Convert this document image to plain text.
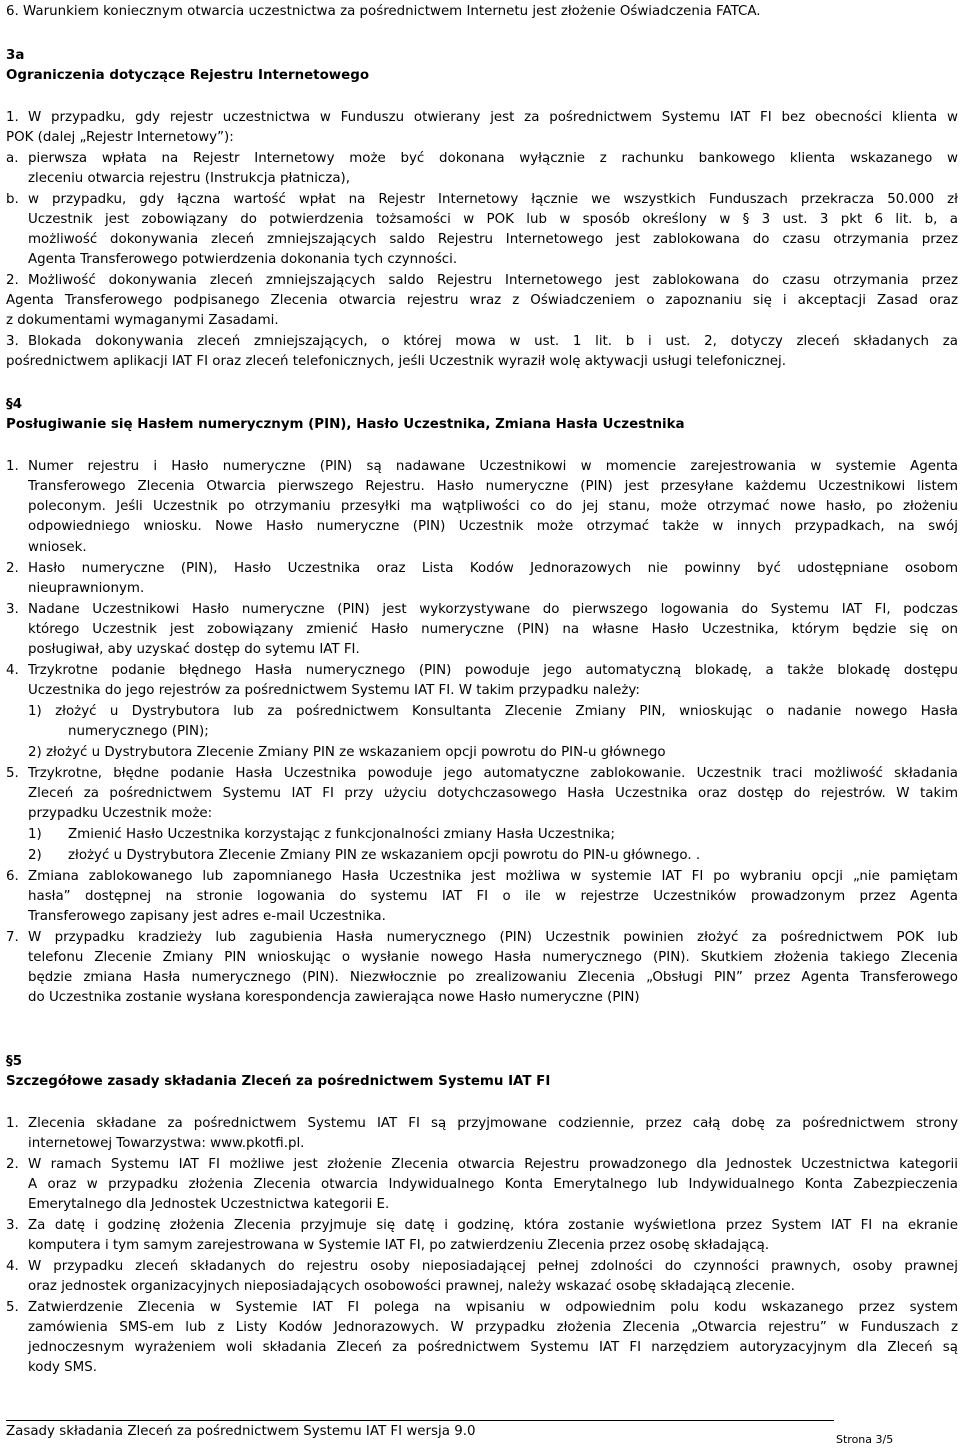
6. Warunkiem koniecznym otwarcia uczestnictwa za pośrednictwem Internetu jest złożenie Oświadczenia FATCA.

3a

Ograniczenia dotyczące Rejestru Internetowego

1. W przypadku, gdy rejestr uczestnictwa w Funduszu otwierany jest za pośrednictwem Systemu IAT FI bez obecności klienta w

POK (dalej „Rejestr Internetowy”):

a. pierwsza wpłata na Rejestr Internetowy może być dokonana wyłącznie z rachunku bankowego klienta wskazanego w

zleceniu otwarcia rejestru (Instrukcja płatnicza),

b. w przypadku, gdy łączna wartość wpłat na Rejestr Internetowy łącznie we wszystkich Funduszach przekracza 50.000 zł

Uczestnik jest zobowiązany do potwierdzenia tożsamości w POK lub w sposób określony w § 3 ust. 3 pkt 6 lit. b, a

możliwość dokonywania zleceń zmniejszających saldo Rejestru Internetowego jest zablokowana do czasu otrzymania przez

Agenta Transferowego potwierdzenia dokonania tych czynności.

2. Możliwość dokonywania zleceń zmniejszających saldo Rejestru Internetowego jest zablokowana do czasu otrzymania przez

Agenta Transferowego podpisanego Zlecenia otwarcia rejestru wraz z Oświadczeniem o zapoznaniu się i akceptacji Zasad oraz

z dokumentami wymaganymi Zasadami.

3. Blokada dokonywania zleceń zmniejszających, o której mowa w ust. 1 lit. b i ust. 2, dotyczy zleceń składanych za

pośrednictwem aplikacji IAT FI oraz zleceń telefonicznych, jeśli Uczestnik wyraził wolę aktywacji usługi telefonicznej.

§4

Posługiwanie się Hasłem numerycznym (PIN), Hasło Uczestnika, Zmiana Hasła Uczestnika

1. Numer rejestru i Hasło numeryczne (PIN) są nadawane Uczestnikowi w momencie zarejestrowania w systemie Agenta

Transferowego Zlecenia Otwarcia pierwszego Rejestru. Hasło numeryczne (PIN) jest przesyłane każdemu Uczestnikowi listem

poleconym. Jeśli Uczestnik po otrzymaniu przesyłki ma wątpliwości co do jej stanu, może otrzymać nowe hasło, po złożeniu

odpowiedniego wniosku. Nowe Hasło numeryczne (PIN) Uczestnik może otrzymać także w innych przypadkach, na swój

wniosek.

2. Hasło numeryczne (PIN), Hasło Uczestnika oraz Lista Kodów Jednorazowych nie powinny być udostępniane osobom

nieuprawnionym.

3. Nadane Uczestnikowi Hasło numeryczne (PIN) jest wykorzystywane do pierwszego logowania do Systemu IAT FI, podczas

którego Uczestnik jest zobowiązany zmienić Hasło numeryczne (PIN) na własne Hasło Uczestnika, którym będzie się on

posługiwał, aby uzyskać dostęp do sytemu IAT FI.

4. Trzykrotne podanie błędnego Hasła numerycznego (PIN) powoduje jego automatyczną blokadę, a także blokadę dostępu

Uczestnika do jego rejestrów za pośrednictwem Systemu IAT FI. W takim przypadku należy:

1) złożyć u Dystrybutora lub za pośrednictwem Konsultanta Zlecenie Zmiany PIN, wnioskując o nadanie nowego Hasła

numerycznego (PIN);

2) złożyć u Dystrybutora Zlecenie Zmiany PIN ze wskazaniem opcji powrotu do PIN-u głównego

5. Trzykrotne, błędne podanie Hasła Uczestnika powoduje jego automatyczne zablokowanie. Uczestnik traci możliwość składania

Zleceń za pośrednictwem Systemu IAT FI przy użyciu dotychczasowego Hasła Uczestnika oraz dostęp do rejestrów. W takim

przypadku Uczestnik może:

1) Zmienić Hasło Uczestnika korzystając z funkcjonalności zmiany Hasła Uczestnika;

2) złożyć u Dystrybutora Zlecenie Zmiany PIN ze wskazaniem opcji powrotu do PIN-u głównego. .

6. Zmiana zablokowanego lub zapomnianego Hasła Uczestnika jest możliwa w systemie IAT FI po wybraniu opcji „nie pamiętam

hasła” dostępnej na stronie logowania do systemu IAT FI o ile w rejestrze Uczestników prowadzonym przez Agenta

Transferowego zapisany jest adres e-mail Uczestnika.

7. W przypadku kradzieży lub zagubienia Hasła numerycznego (PIN) Uczestnik powinien złożyć za pośrednictwem POK lub

telefonu Zlecenie Zmiany PIN wnioskując o wysłanie nowego Hasła numerycznego (PIN). Skutkiem złożenia takiego Zlecenia

będzie zmiana Hasła numerycznego (PIN). Niezwłocznie po zrealizowaniu Zlecenia „Obsługi PIN” przez Agenta Transferowego

do Uczestnika zostanie wysłana korespondencja zawierająca nowe Hasło numeryczne (PIN)

§5

Szczegółowe zasady składania Zleceń za pośrednictwem Systemu IAT FI

1. Zlecenia składane za pośrednictwem Systemu IAT FI są przyjmowane codziennie, przez całą dobę za pośrednictwem strony

internetowej Towarzystwa: www.pkotfi.pl.

2. W ramach Systemu IAT FI możliwe jest złożenie Zlecenia otwarcia Rejestru prowadzonego dla Jednostek Uczestnictwa kategorii

A oraz w przypadku złożenia Zlecenia otwarcia Indywidualnego Konta Emerytalnego lub Indywidualnego Konta Zabezpieczenia

Emerytalnego dla Jednostek Uczestnictwa kategorii E.

3. Za datę i godzinę złożenia Zlecenia przyjmuje się datę i godzinę, która zostanie wyświetlona przez System IAT FI na ekranie

komputera i tym samym zarejestrowana w Systemie IAT FI, po zatwierdzeniu Zlecenia przez osobę składającą.

4. W przypadku zleceń składanych do rejestru osoby nieposiadającej pełnej zdolności do czynności prawnych, osoby prawnej

oraz jednostek organizacyjnych nieposiadających osobowości prawnej, należy wskazać osobę składającą zlecenie.

5. Zatwierdzenie Zlecenia w Systemie IAT FI polega na wpisaniu w odpowiednim polu kodu wskazanego przez system

zamówienia SMS-em lub z Listy Kodów Jednorazowych. W przypadku złożenia Zlecenia „Otwarcia rejestru” w Funduszach z

jednoczesnym wyrażeniem woli składania Zleceń za pośrednictwem Systemu IAT FI narzędziem autoryzacyjnym dla Zleceń są

kody SMS.

Zasady składania Zleceń za pośrednictwem Systemu IAT FI wersja 9.0
Strona 3/5
